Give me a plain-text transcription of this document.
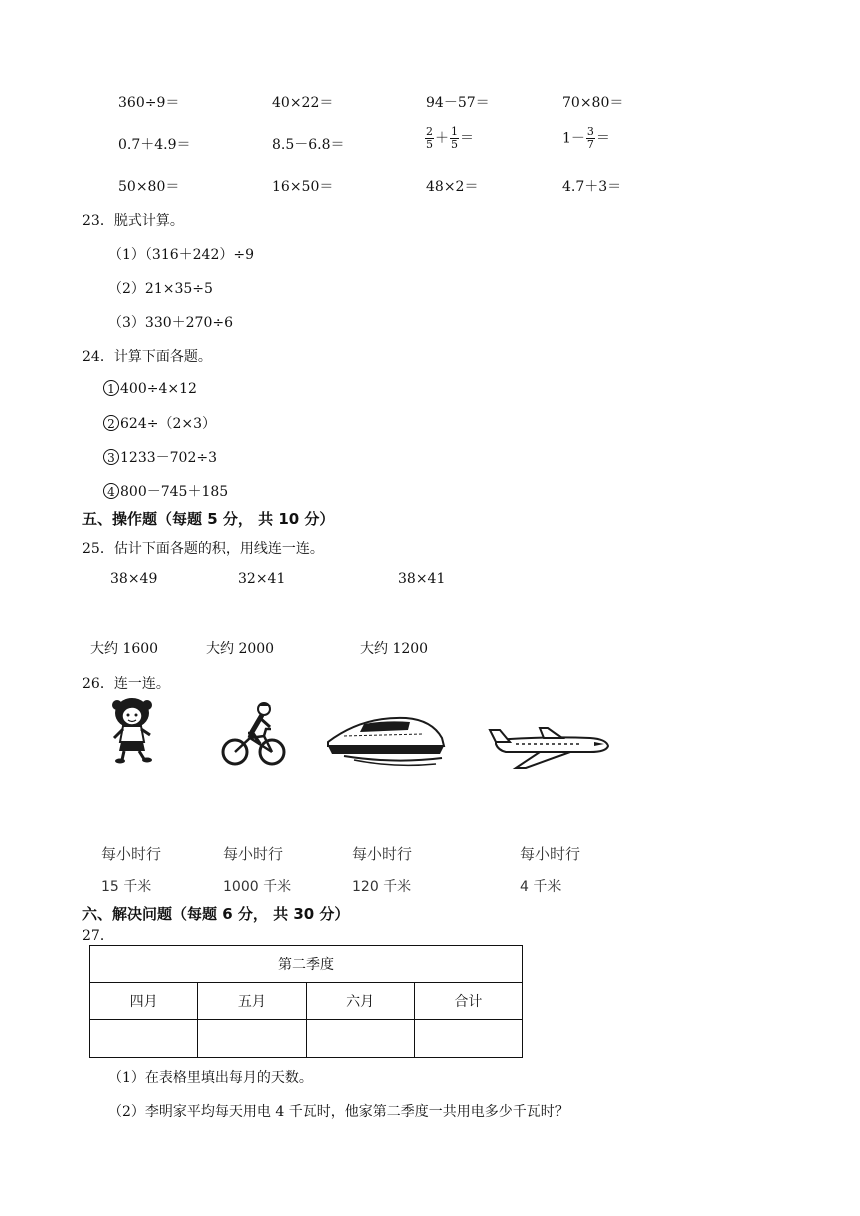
360÷9＝	40×22＝	94－57＝	70×80＝
0.7＋4.9＝	8.5－6.8＝	$\frac{2}{5} + \frac{1}{5}$ ＝	$1- \frac{3}{7}$ ＝
50×80＝	16×50＝	48×2＝	4.7＋3＝
23．脱式计算。
（1）（316＋242）÷9
（2）21×35÷5
（3）330＋270÷6
24．计算下面各题。
1 400÷4×12
2 624÷（2×3）
3 1233－702÷3
4 800－745＋185
五、操作题（每题 5 分， 共 10 分）
25．估计下面各题的积，用线连一连。
38×49	32×41	38×41
大约 1600	大约 2000	大约 1200
26．连一连。
每小时行
15 千米
每小时行
1000 千米
每小时行
120 千米
每小时行
4 千米
六、解决问题（每题 6 分， 共 30 分）
27．
第二季度			
四月	五月	六月	合计

（1）在表格里填出每月的天数。
（2）李明家平均每天用电 4 千瓦时，他家第二季度一共用电多少千瓦时？
